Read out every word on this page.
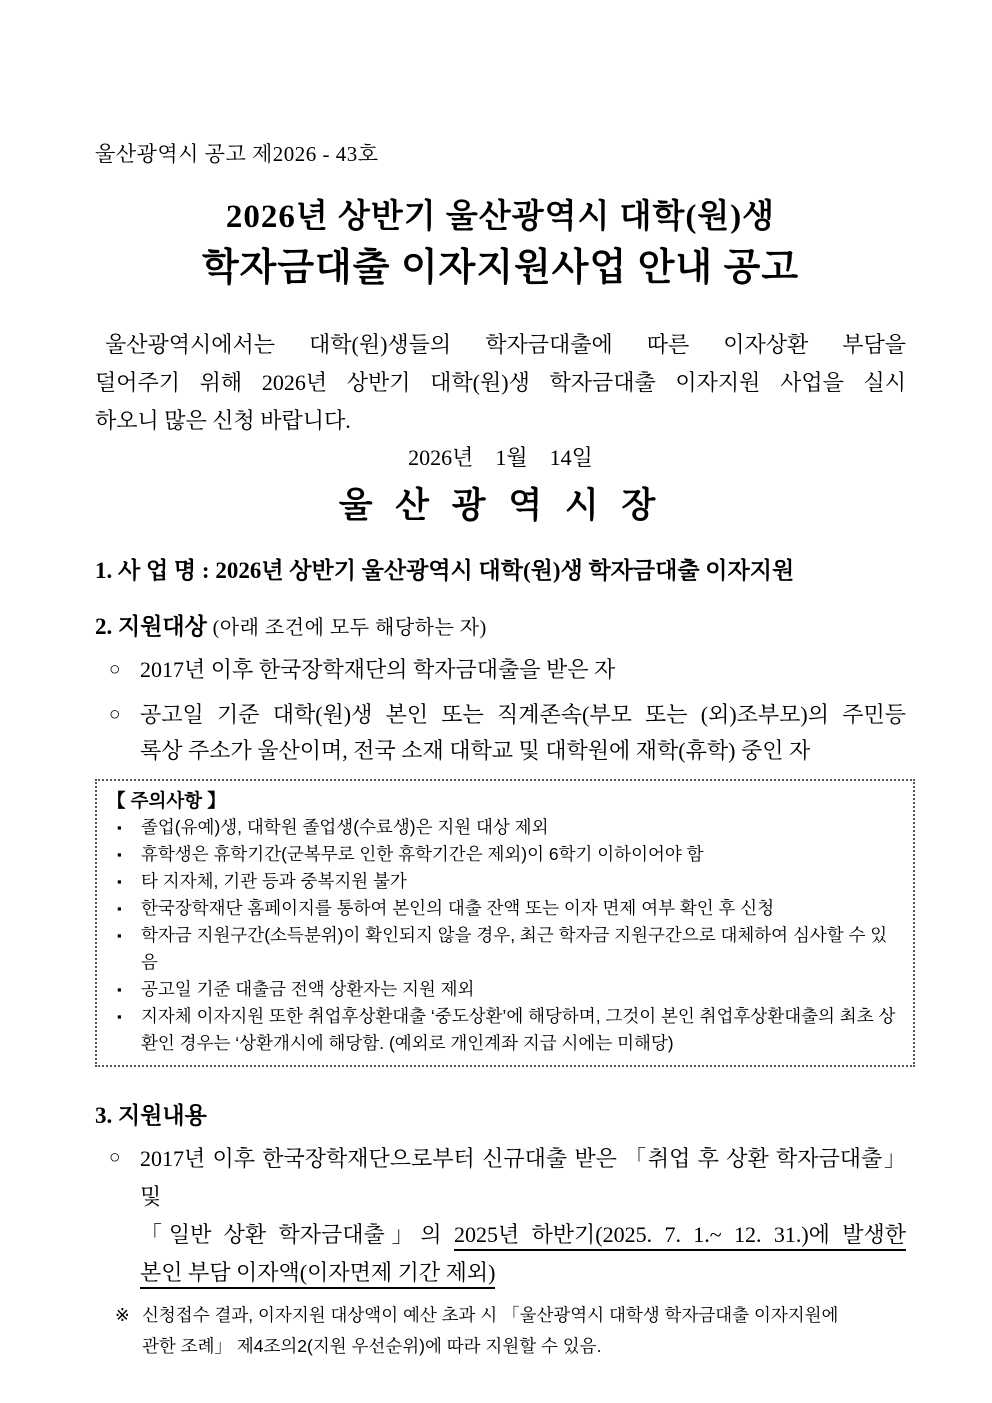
울산광역시 공고 제2026 - 43호
2026년 상반기 울산광역시 대학(원)생
학자금대출 이자지원사업 안내 공고
울산광역시에서는 대학(원)생들의 학자금대출에 따른 이자상환 부담을
덜어주기 위해 2026년 상반기 대학(원)생 학자금대출 이자지원 사업을 실시
하오니 많은 신청 바랍니다.
2026년    1월    14일
울 산 광 역 시 장
1. 사 업 명 : 2026년 상반기 울산광역시 대학(원)생 학자금대출 이자지원
2. 지원대상 (아래 조건에 모두 해당하는 자)
○ 2017년 이후 한국장학재단의 학자금대출을 받은 자
○ 공고일 기준 대학(원)생 본인 또는 직계존속(부모 또는 (외)조부모)의 주민등
록상 주소가 울산이며, 전국 소재 대학교 및 대학원에 재학(휴학) 중인 자
【 주의사항 】
▪	졸업(유예)생, 대학원 졸업생(수료생)은 지원 대상 제외
▪	휴학생은 휴학기간(군복무로 인한 휴학기간은 제외)이 6학기 이하이어야 함
▪	타 지자체, 기관 등과 중복지원 불가
▪	한국장학재단 홈페이지를 통하여 본인의 대출 잔액 또는 이자 면제 여부 확인 후 신청
▪	학자금 지원구간(소득분위)이 확인되지 않을 경우, 최근 학자금 지원구간으로 대체하여 심사할 수 있음
▪	공고일 기준 대출금 전액 상환자는 지원 제외
▪	지자체 이자지원 또한 취업후상환대출 ‘중도상환’에 해당하며, 그것이 본인 취업후상환대출의 최초 상환인 경우는 ‘상환개시에 해당함. (예외로 개인계좌 지급 시에는 미해당)
3. 지원내용
○ 2017년 이후 한국장학재단으로부터 신규대출 받은 「취업 후 상환 학자금대출」 및
「일반 상환 학자금대출」의 2025년 하반기(2025. 7. 1.~ 12. 31.)에 발생한
본인 부담 이자액(이자면제 기간 제외)
※ 신청접수 결과, 이자지원 대상액이 예산 초과 시 「울산광역시 대학생 학자금대출 이자지원에
관한 조례」 제4조의2(지원 우선순위)에 따라 지원할 수 있음.
